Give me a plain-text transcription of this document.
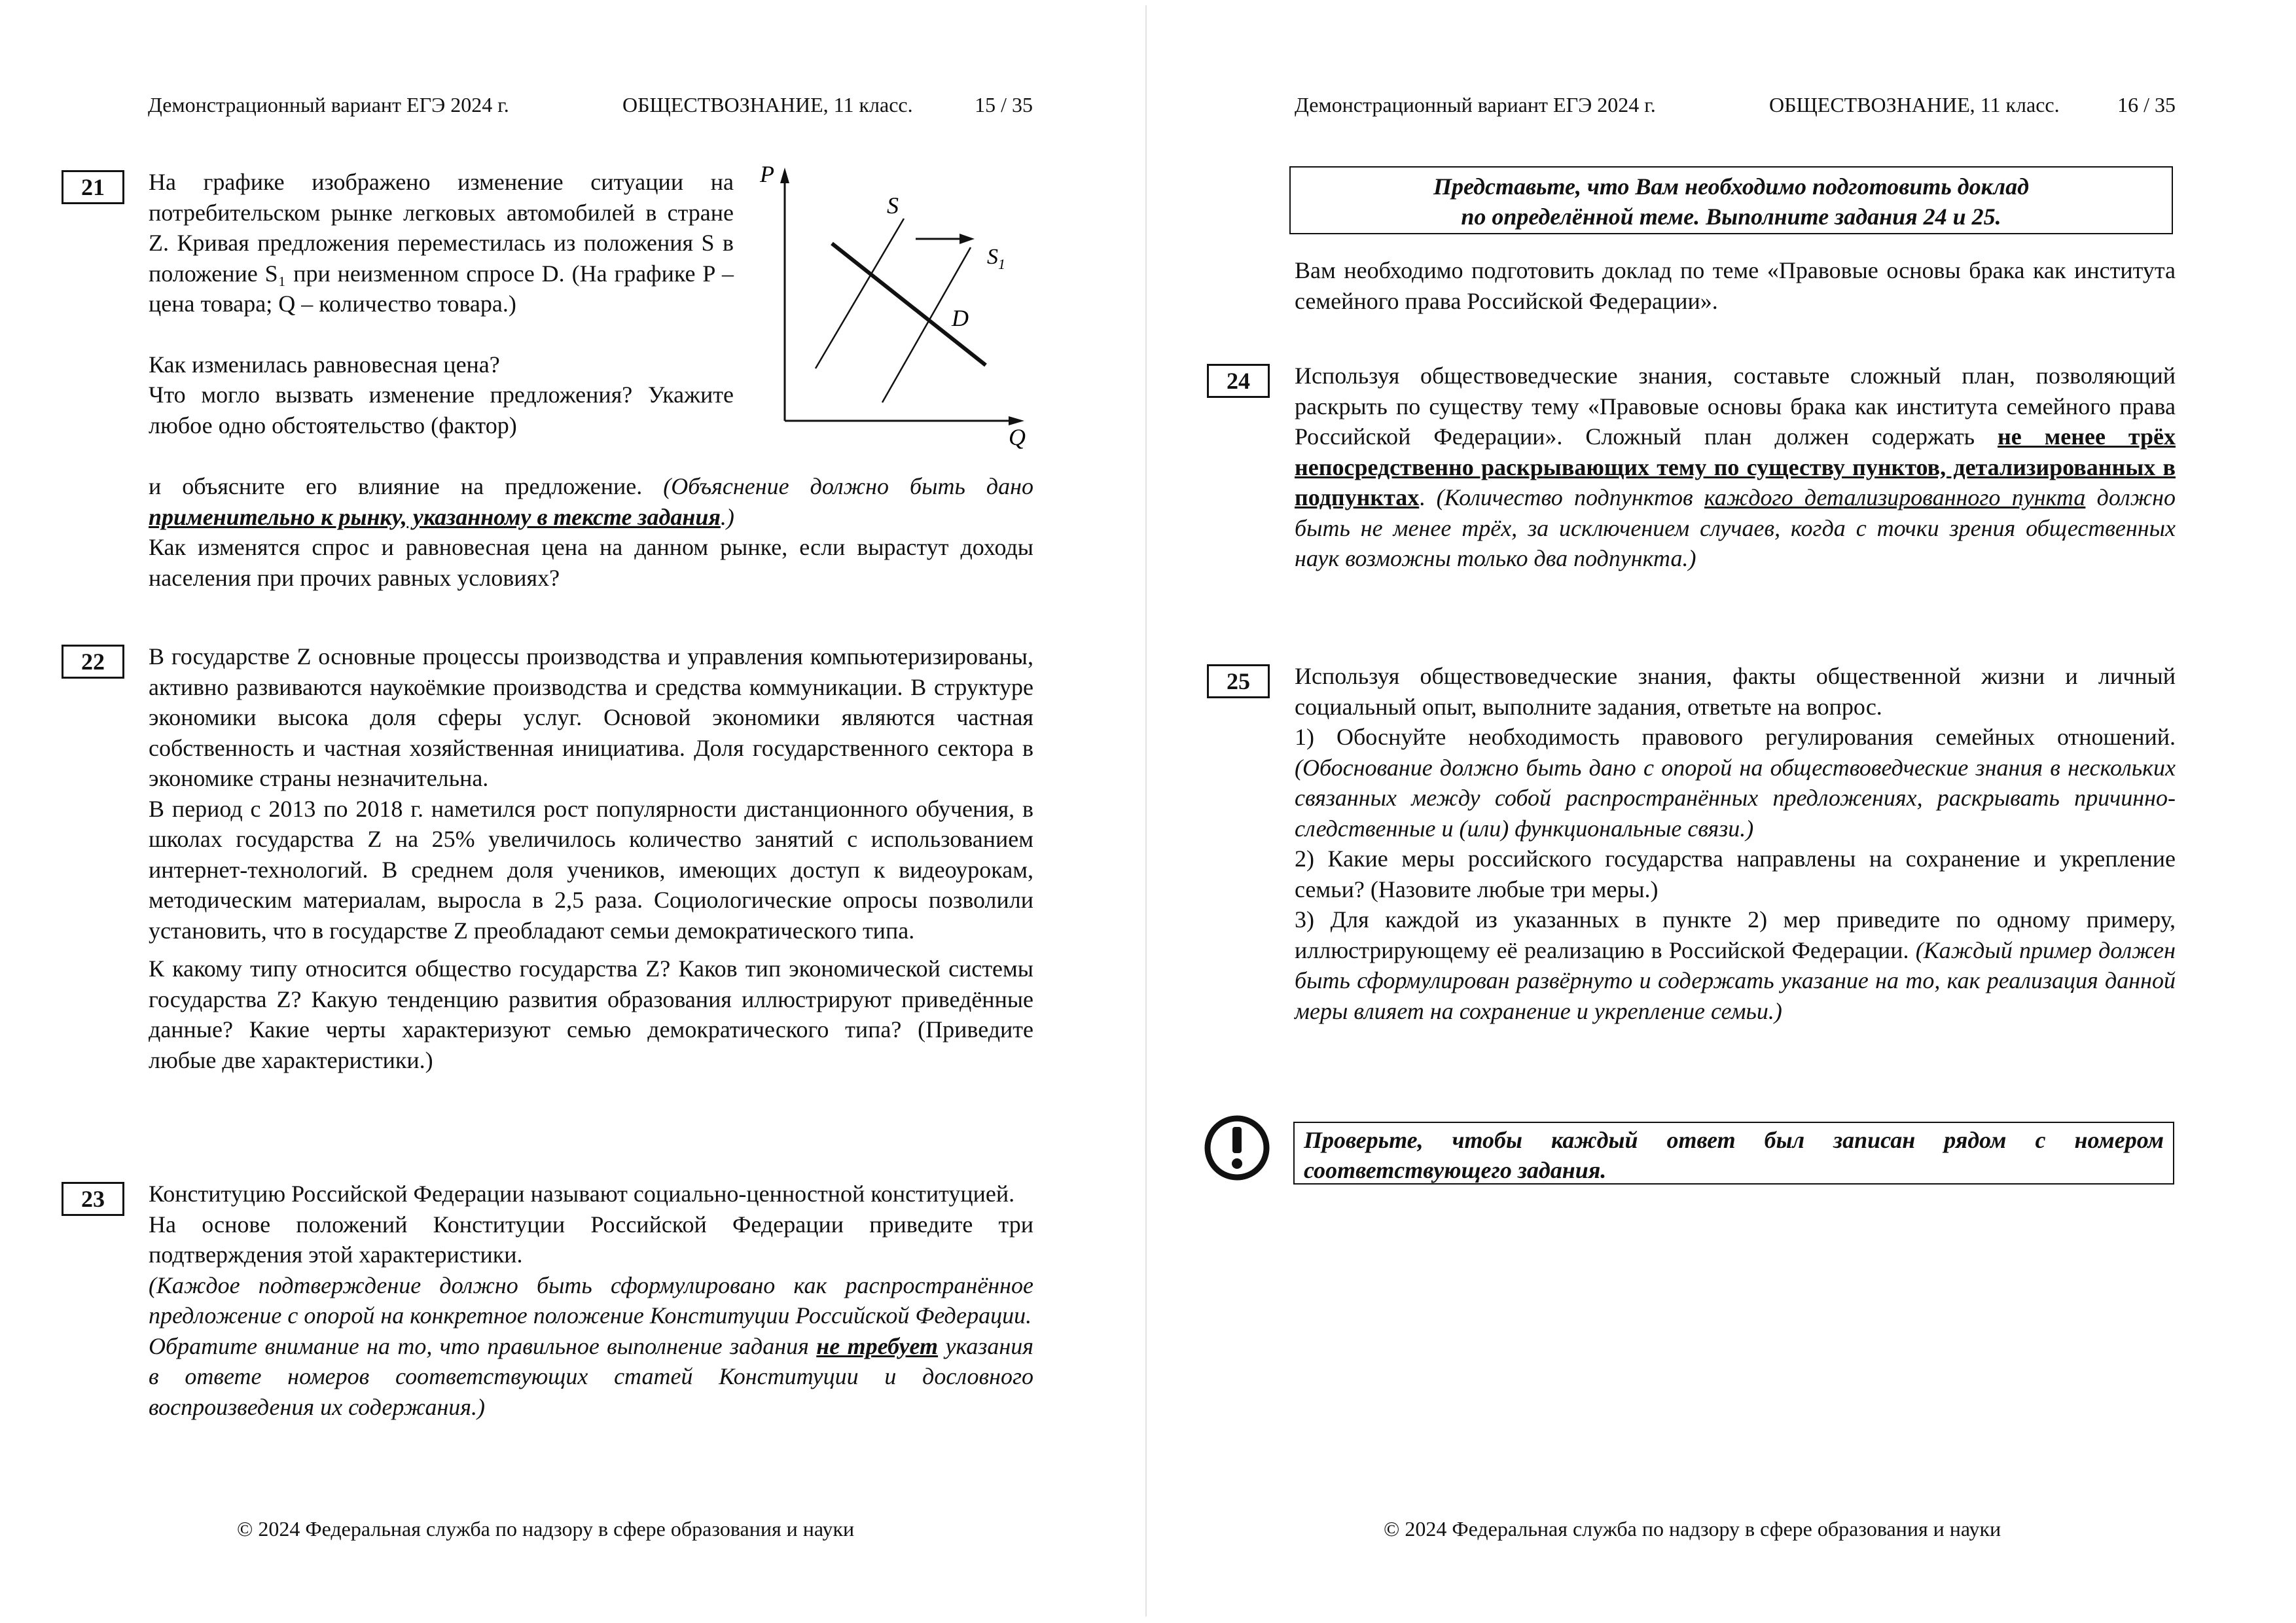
Демонстрационный вариант ЕГЭ 2024 г.	ОБЩЕСТВОЗНАНИЕ, 11 класс.	15 / 35
21	На графике изображено изменение ситуации на потребительском рынке легковых автомобилей в стране Z. Кривая предложения переместилась из положения S в положение S₁ при неизменном спросе D. (На графике P – цена товара; Q – количество товара.)

Как изменилась равновесная цена?

Что могло вызвать изменение предложения? Укажите любое одно обстоятельство (фактор)

и объясните его влияние на предложение. (Объяснение должно быть дано применительно к рынку, указанному в тексте задания.)

Как изменятся спрос и равновесная цена на данном рынке, если вырастут доходы населения при прочих равных условиях?

P
Q
S
$S_1$
D
22	В государстве Z основные процессы производства и управления компьютеризированы, активно развиваются наукоёмкие производства и средства коммуникации. В структуре экономики высока доля сферы услуг. Основой экономики являются частная собственность и частная хозяйственная инициатива. Доля государственного сектора в экономике страны незначительна.

В период с 2013 по 2018 г. наметился рост популярности дистанционного обучения, в школах государства Z на 25% увеличилось количество занятий с использованием интернет-технологий. В среднем доля учеников, имеющих доступ к видеоурокам, методическим материалам, выросла в 2,5 раза. Социологические опросы позволили установить, что в государстве Z преобладают семьи демократического типа.

К какому типу относится общество государства Z? Каков тип экономической системы государства Z? Какую тенденцию развития образования иллюстрируют приведённые данные? Какие черты характеризуют семью демократического типа? (Приведите любые две характеристики.)

23	Конституцию Российской Федерации называют социально-ценностной конституцией.

На основе положений Конституции Российской Федерации приведите три подтверждения этой характеристики.

(Каждое подтверждение должно быть сформулировано как распространённое предложение с опорой на конкретное положение Конституции Российской Федерации.

Обратите внимание на то, что правильное выполнение задания не требует указания в ответе номеров соответствующих статей Конституции и дословного воспроизведения их содержания.)

© 2024 Федеральная служба по надзору в сфере образования и науки
Демонстрационный вариант ЕГЭ 2024 г.	ОБЩЕСТВОЗНАНИЕ, 11 класс.	16 / 35
Представьте, что Вам необходимо подготовить доклад
по определённой теме. Выполните задания 24 и 25.
Вам необходимо подготовить доклад по теме «Правовые основы брака как института семейного права Российской Федерации».
24	Используя обществоведческие знания, составьте сложный план, позволяющий раскрыть по существу тему «Правовые основы брака как института семейного права Российской Федерации». Сложный план должен содержать не менее трёх непосредственно раскрывающих тему по существу пунктов, детализированных в подпунктах. (Количество подпунктов каждого детализированного пункта должно быть не менее трёх, за исключением случаев, когда с точки зрения общественных наук возможны только два подпункта.)

25	Используя обществоведческие знания, факты общественной жизни и личный социальный опыт, выполните задания, ответьте на вопрос.

1) Обоснуйте необходимость правового регулирования семейных отношений. (Обоснование должно быть дано с опорой на обществоведческие знания в нескольких связанных между собой распространённых предложениях, раскрывать причинно-следственные и (или) функциональные связи.)

2) Какие меры российского государства направлены на сохранение и укрепление семьи? (Назовите любые три меры.)

3) Для каждой из указанных в пункте 2) мер приведите по одному примеру, иллюстрирующему её реализацию в Российской Федерации. (Каждый пример должен быть сформулирован развёрнуто и содержать указание на то, как реализация данной меры влияет на сохранение и укрепление семьи.)

Проверьте, чтобы каждый ответ был записан рядом с номером соответствующего задания.
© 2024 Федеральная служба по надзору в сфере образования и науки
